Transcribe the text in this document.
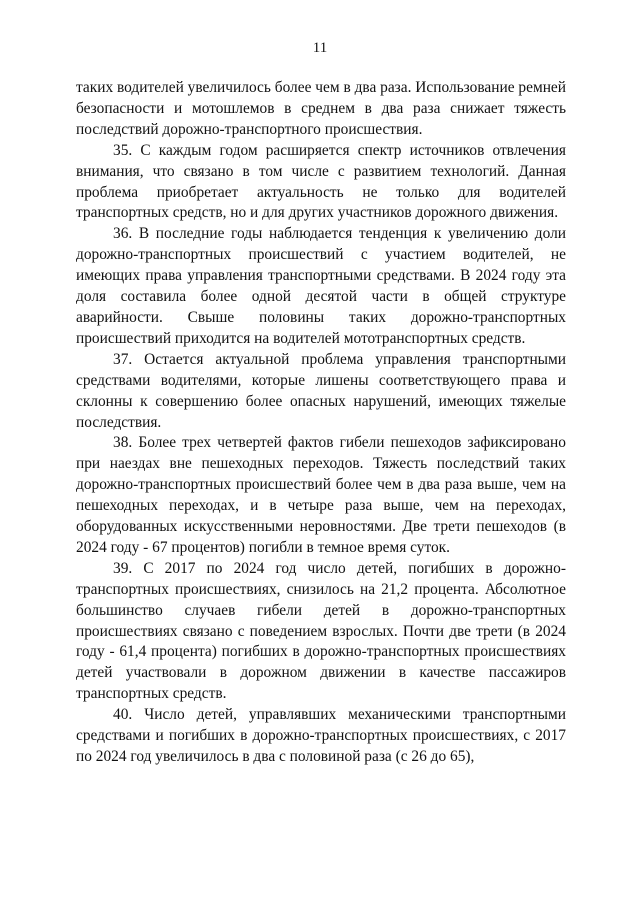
11

таких водителей увеличилось более чем в два раза. Использование ремней безопасности и мотошлемов в среднем в два раза снижает тяжесть последствий дорожно-транспортного происшествия.

35. С каждым годом расширяется спектр источников отвлечения внимания, что связано в том числе с развитием технологий. Данная проблема приобретает актуальность не только для водителей транспортных средств, но и для других участников дорожного движения.

36. В последние годы наблюдается тенденция к увеличению доли дорожно-транспортных происшествий с участием водителей, не имеющих права управления транспортными средствами. В 2024 году эта доля составила более одной десятой части в общей структуре аварийности. Свыше половины таких дорожно-транспортных происшествий приходится на водителей мототранспортных средств.

37. Остается актуальной проблема управления транспортными средствами водителями, которые лишены соответствующего права и склонны к совершению более опасных нарушений, имеющих тяжелые последствия.

38. Более трех четвертей фактов гибели пешеходов зафиксировано при наездах вне пешеходных переходов. Тяжесть последствий таких дорожно-транспортных происшествий более чем в два раза выше, чем на пешеходных переходах, и в четыре раза выше, чем на переходах, оборудованных искусственными неровностями. Две трети пешеходов (в 2024 году - 67 процентов) погибли в темное время суток.

39. С 2017 по 2024 год число детей, погибших в дорожно-транспортных происшествиях, снизилось на 21,2 процента. Абсолютное большинство случаев гибели детей в дорожно-транспортных происшествиях связано с поведением взрослых. Почти две трети (в 2024 году - 61,4 процента) погибших в дорожно-транспортных происшествиях детей участвовали в дорожном движении в качестве пассажиров транспортных средств.

40. Число детей, управлявших механическими транспортными средствами и погибших в дорожно-транспортных происшествиях, с 2017 по 2024 год увеличилось в два с половиной раза (с 26 до 65),
